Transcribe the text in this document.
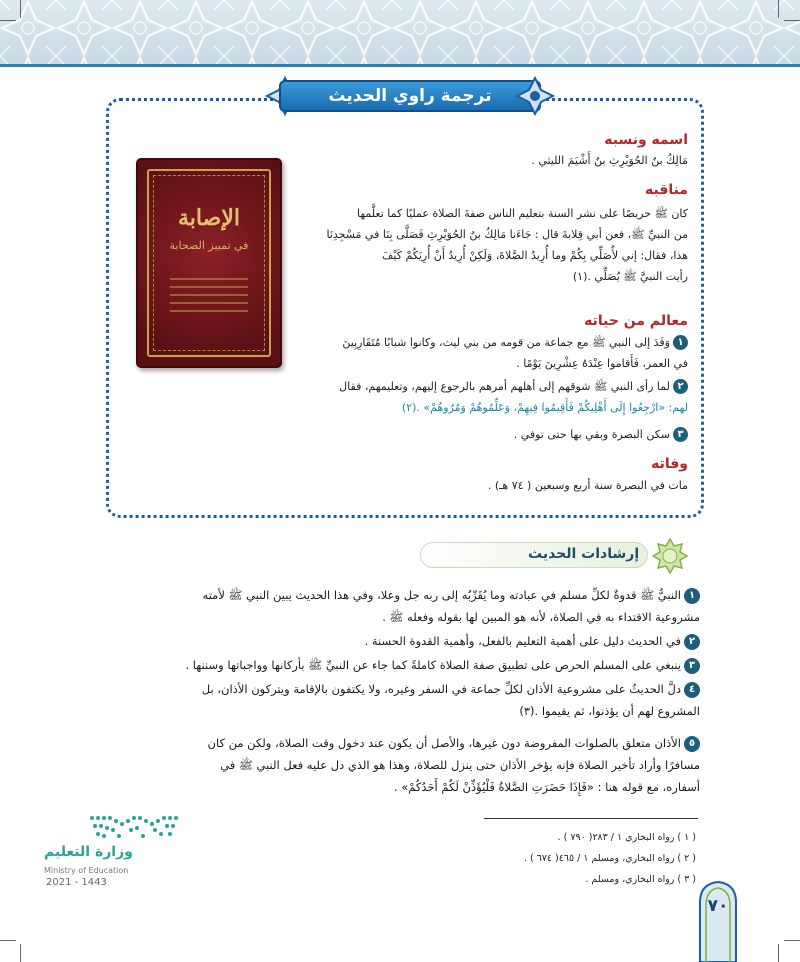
ترجمة راوي الحديث
الإصابة
في تمييز الصحابة
اسمه ونسبه
مَالِكُ بنُ الحُوَيْرِثِ بنُ أَشْيَمَ الليثي .
مناقبه
كان ﷺ حريصًا على نشر السنة بتعليم الناس صفةَ الصلاة عمليًا كما تعلَّمها
من النبيِّ ﷺ، فعن أبي قِلابةَ قال : جَاءَنا مَالِكُ بنُ الحُوَيْرِثِ فَصَلَّى بِنَا في مَسْجِدِنَا
هذا، فقال: إني لأُصَلِّي بِكُمْ وما أُرِيدُ الصَّلاةَ، وَلَكِنْ أُرِيدُ أَنْ أُرِيَكُمْ كَيْفَ
رأيت النبيَّ ﷺ يُصَلِّي .(١)
معالم من حياته
١وَفَدَ إلى النبي ﷺ مع جماعة من قومه من بني ليث، وكانوا شبابًا مُتَقَارِبِينَ
في العمر، فَأَقاموا عِنْدَهُ عِشْرِينَ يَوْمًا .
٢لما رأى النبي ﷺ شوقهم إلى أهلهم أمرهم بالرجوع إليهم، وتعليمهم، فقال
لهم: «ارْجِعُوا إِلَى أَهْلِيكُمْ فَأَقِيمُوا فِيهِمْ، وَعَلِّمُوهُمْ وَمُرُوهُمْ» .(٢)
٣سكن البصرة وبقي بها حتى توفي .
وفاته
مات في البصرة سنة أربع وسبعين ( ٧٤ هـ) .
إرشادات الحديث
١النبيُّ ﷺ قدوةٌ لكلِّ مسلم في عبادته وما يُقَرِّبُه إلى ربه جل وعلا، وفي هذا الحديث يبين النبي ﷺ لأمته
مشروعية الاقتداء به في الصلاة، لأنه هو المبين لها بقوله وفعله ﷺ .
٢في الحديث دليل على أهمية التعليم بالفعل، وأهمية القدوة الحسنة .
٣ينبغي على المسلم الحرص على تطبيق صفة الصلاة كاملةً كما جاء عن النبيِّ ﷺ بأركانها وواجباتها وسننها .
٤دلَّ الحديثُ على مشروعية الأذان لكلِّ جماعة في السفر وغيره، ولا يكتفون بالإقامة ويتركون الأذان، بل
المشروع لهم أن يؤذنوا، ثم يقيموا .(٣)
٥الأذان متعلق بالصلوات المفروضة دون غيرها، والأصل أن يكون عند دخول وقت الصلاة، ولكن من كان
مسافرًا وأراد تأخير الصلاة فإنه يؤخر الأذان حتى ينزل للصلاة، وهذا هو الذي دل عليه فعل النبي ﷺ في
أسفاره، مع قوله هنا : «فَإِذَا حَضَرَتِ الصَّلاةُ فَلْيُؤَذِّنْ لَكُمْ أَحَدُكُمْ» .
( ١ ) رواه البخاري ١ / ٢٨٣( ٧٩٠ ) .
( ٢ ) رواه البخاري، ومسلم ١ / ٤٦٥( ٦٧٤ ) .
( ٣ ) رواه البخاري، ومسلم .
وزارة التعليم
Ministry of Education
2021 - 1443
٧٠
